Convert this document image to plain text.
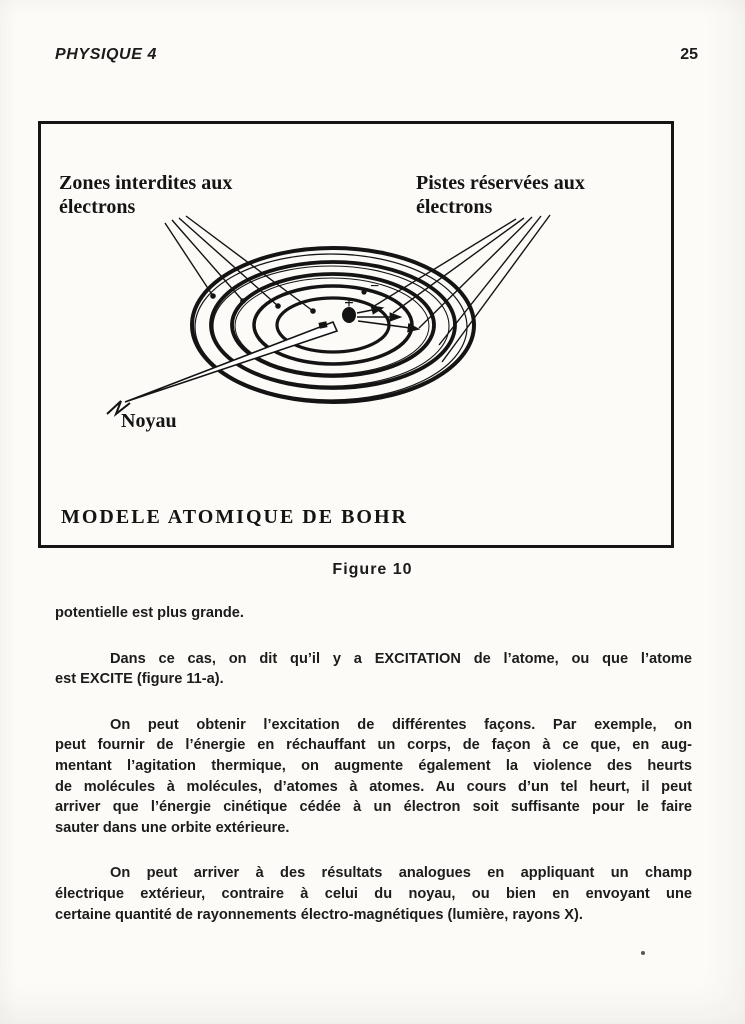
PHYSIQUE 4	25
+
−
Zones interdites aux
électrons
Pistes réservées aux
électrons
Noyau
MODELE ATOMIQUE DE BOHR
Figure 10
potentielle est plus grande.
Dans ce cas, on dit qu’il y a EXCITATION de l’atome, ou que l’atome
est EXCITE (figure 11-a).
On peut obtenir l’excitation de différentes façons. Par exemple, on
peut fournir de l’énergie en réchauffant un corps, de façon à ce que, en aug-
mentant l’agitation thermique, on augmente également la violence des heurts
de molécules à molécules, d’atomes à atomes. Au cours d’un tel heurt, il peut
arriver que l’énergie cinétique cédée à un électron soit suffisante pour le faire
sauter dans une orbite extérieure.
On peut arriver à des résultats analogues en appliquant un champ
électrique extérieur, contraire à celui du noyau, ou bien en envoyant une
certaine quantité de rayonnements électro-magnétiques (lumière, rayons X).
